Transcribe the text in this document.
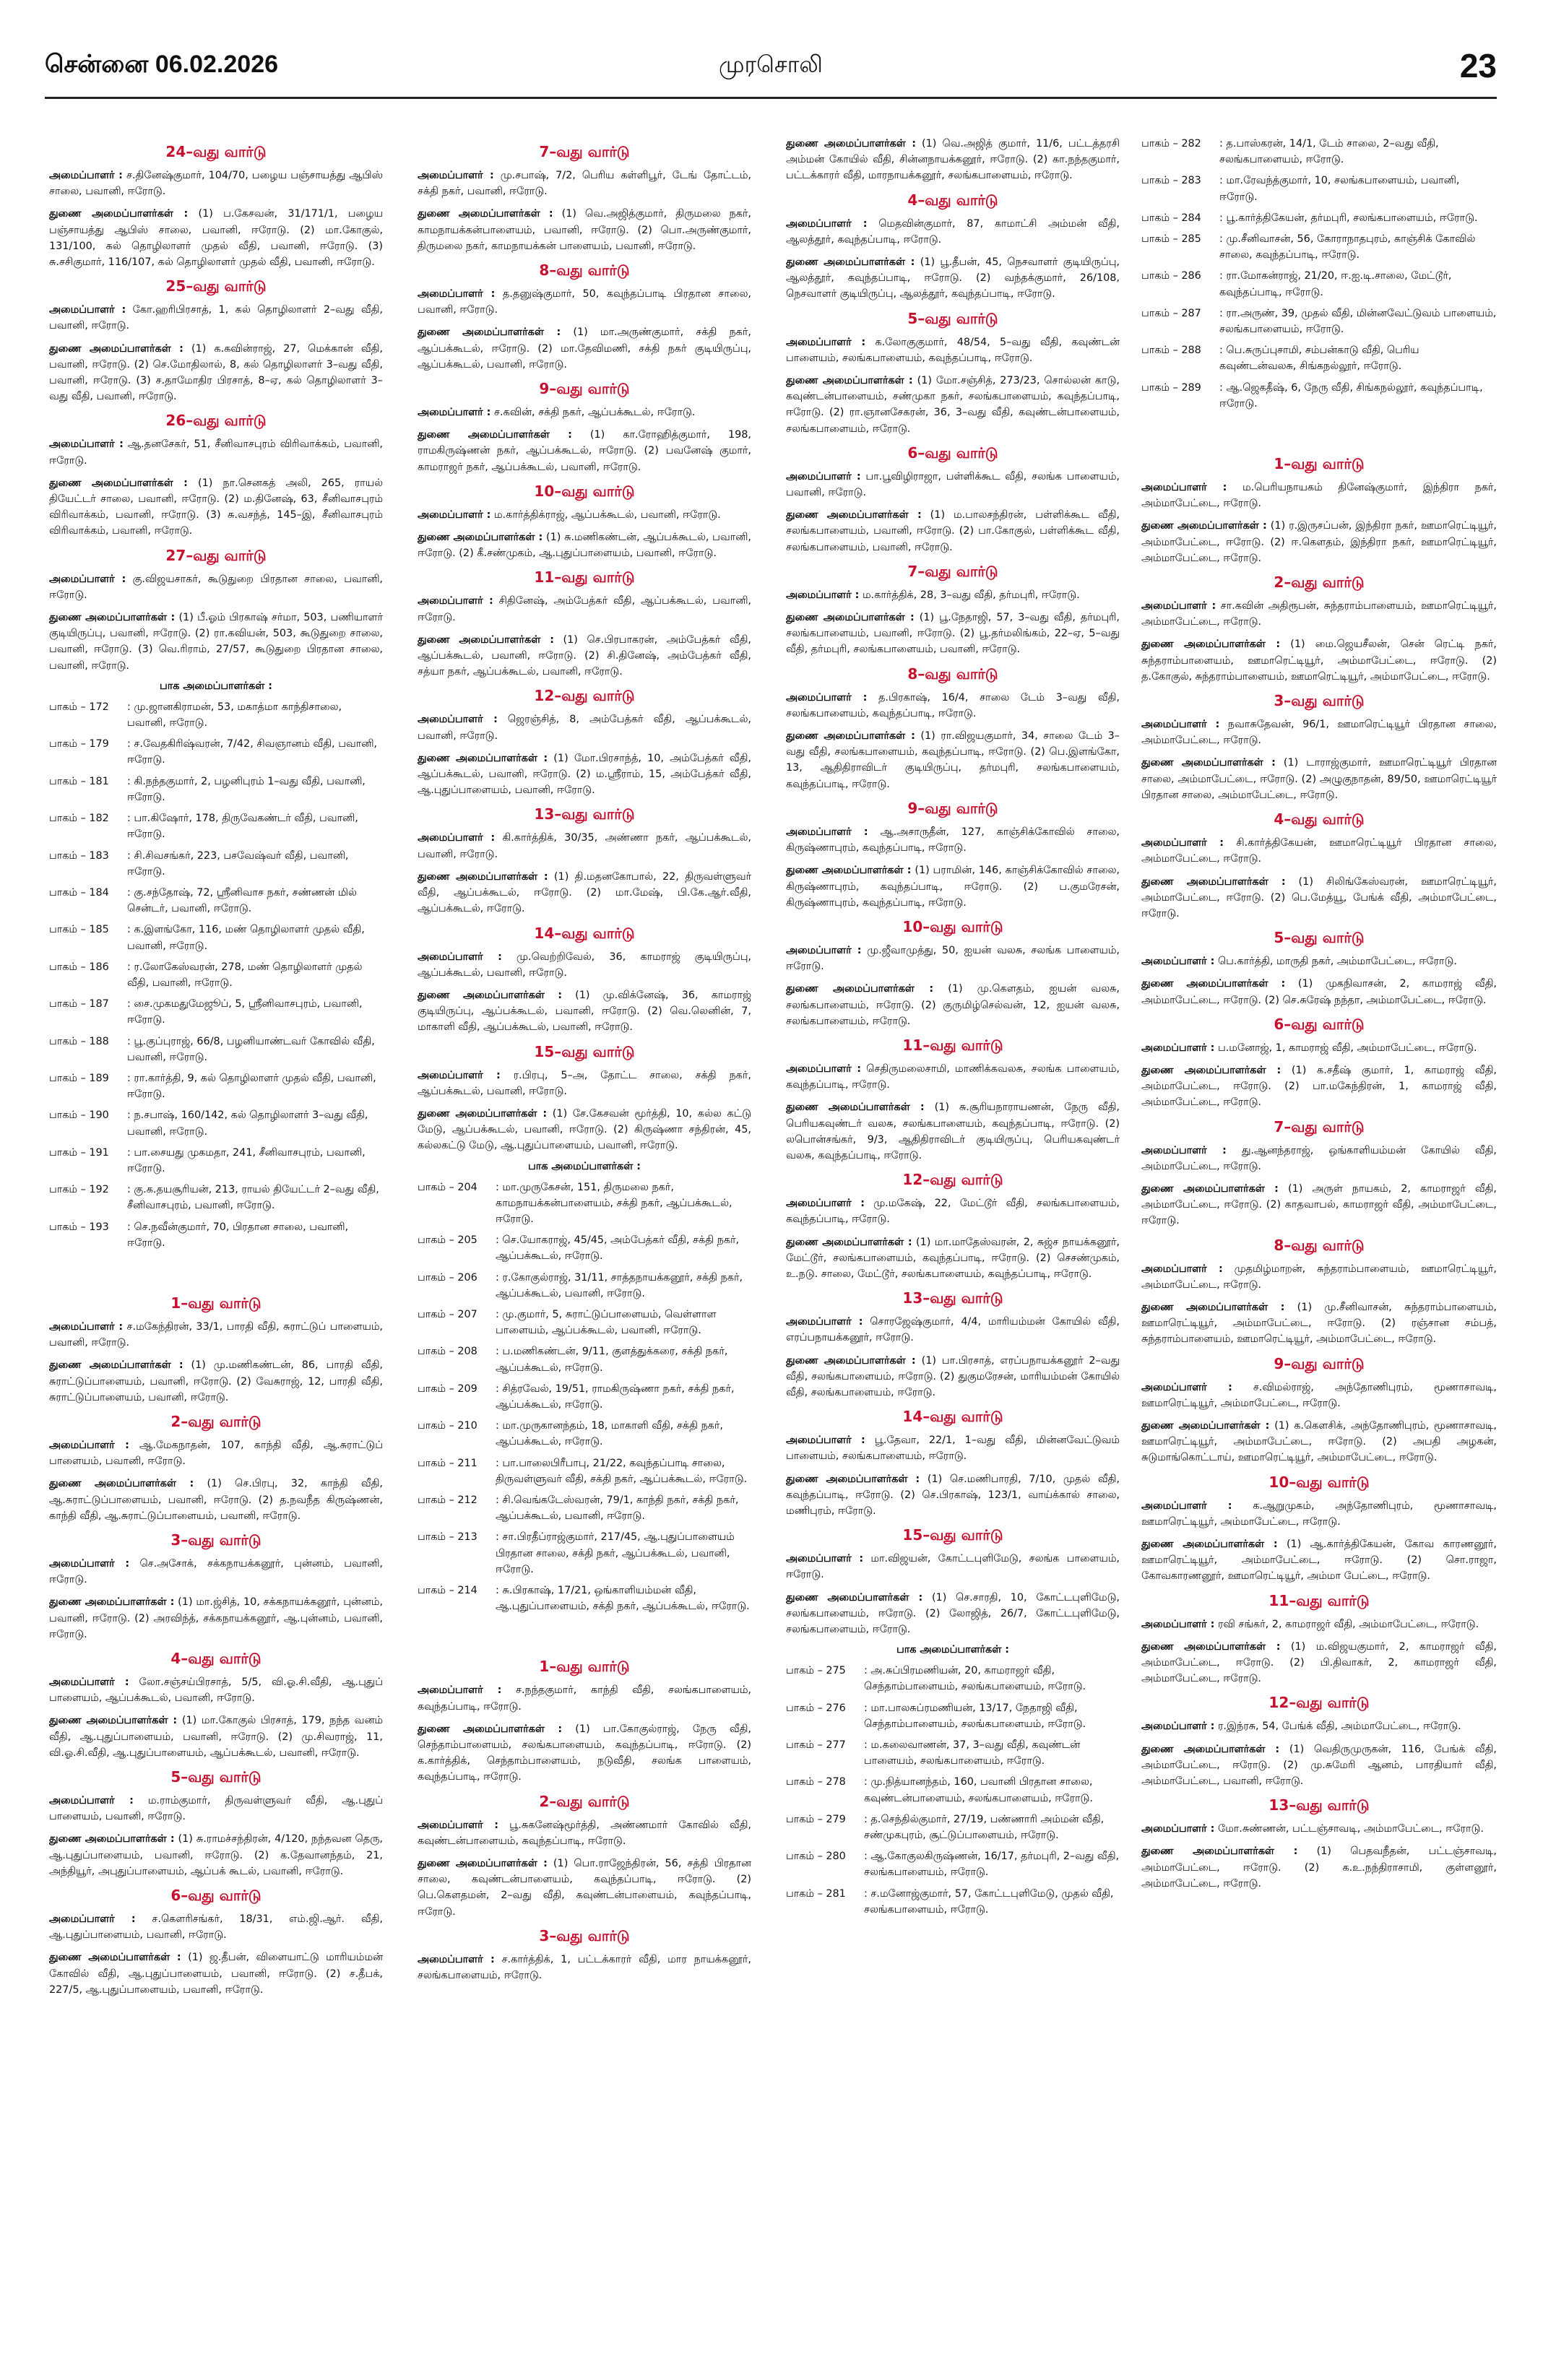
சென்னை 06.02.2026	முரசொலி	23
24–வது வார்டு
அமைப்பாளர் : ச.தினேஷ்குமார், 104/70, பழைய பஞ்சாயத்து ஆபிஸ் சாலை, பவானி, ஈரோடு.
துணை அமைப்பாளர்கள் : (1) ப.கேசவன், 31/171/1, பழைய பஞ்சாயத்து ஆபிஸ் சாலை, பவானி, ஈரோடு. (2) மா.கோகுல், 131/100, கல் தொழிலாளர் முதல் வீதி, பவானி, ஈரோடு. (3) சு.சசிகுமார், 116/107, கல் தொழிலாளர் முதல் வீதி, பவானி, ஈரோடு.
25–வது வார்டு
அமைப்பாளர் : கோ.ஹரிபிரசாத், 1, கல் தொழிலாளர் 2–வது வீதி, பவானி, ஈரோடு.
துணை அமைப்பாளர்கள் : (1) க.கவின்ராஜ், 27, மெக்கான் வீதி, பவானி, ஈரோடு. (2) செ.மோதிலால், 8, கல் தொழிலாளர் 3–வது வீதி, பவானி, ஈரோடு. (3) ச.தாமோதிர பிரசாத், 8–ஏ, கல் தொழிலாளர் 3–வது வீதி, பவானி, ஈரோடு.
26–வது வார்டு
அமைப்பாளர் : ஆ.தனசேகர், 51, சீனிவாசபுரம் விரிவாக்கம், பவானி, ஈரோடு.
துணை அமைப்பாளர்கள் : (1) நா.செனகத் அலி, 265, ராயல் தியேட்டர் சாலை, பவானி, ஈரோடு. (2) ம.தினேஷ், 63, சீனிவாசபுரம் விரிவாக்கம், பவானி, ஈரோடு. (3) சு.வசந்த், 145–இ, சீனிவாசபுரம் விரிவாக்கம், பவானி, ஈரோடு.
27–வது வார்டு
அமைப்பாளர் : கு.விஜயசாகர், கூடுதுறை பிரதான சாலை, பவானி, ஈரோடு.
துணை அமைப்பாளர்கள் : (1) பீ.ஓம் பிரகாஷ் சர்மா, 503, பணியாளர் குடியிருப்பு, பவானி, ஈரோடு. (2) ரா.கவியன், 503, கூடுதுறை சாலை, பவானி, ஈரோடு. (3) வெ.ரிராம், 27/57, கூடுதுறை பிரதான சாலை, பவானி, ஈரோடு.
பாக அமைப்பாளர்கள் :
பாகம் – 172	: மு.ஜானகிராமன், 53, மகாத்மா காந்திசாலை, பவானி, ஈரோடு.
பாகம் – 179	: ச.வேதகிரிஷ்வரன், 7/42, சிவஞானம் வீதி, பவானி, ஈரோடு.
பாகம் – 181	: கி.நந்தகுமார், 2, பழனிபுரம் 1–வது வீதி, பவானி, ஈரோடு.
பாகம் – 182	: பா.கிஷோர், 178, திருவேகண்டர் வீதி, பவானி, ஈரோடு.
பாகம் – 183	: சி.சிவசங்கர், 223, பசவேஷ்வர் வீதி, பவானி, ஈரோடு.
பாகம் – 184	: கு.சந்தோஷ், 72, ஸ்ரீனிவாச நகர், சண்ணன் மில் சென்டர், பவானி, ஈரோடு.
பாகம் – 185	: க.இளங்கோ, 116, மண் தொழிலாளர் முதல் வீதி, பவானி, ஈரோடு.
பாகம் – 186	: ர.லோகேஸ்வரன், 278, மண் தொழிலாளர் முதல் வீதி, பவானி, ஈரோடு.
பாகம் – 187	: சை.முகமதுமேஜூப், 5, ஸ்ரீனிவாசபுரம், பவானி, ஈரோடு.
பாகம் – 188	: பூ.குப்புராஜ், 66/8, பழனியாண்டவர் கோவில் வீதி, பவானி, ஈரோடு.
பாகம் – 189	: ரா.கார்த்தி, 9, கல் தொழிலாளர் முதல் வீதி, பவானி, ஈரோடு.
பாகம் – 190	: ந.சபாஷ், 160/142, கல் தொழிலாளர் 3–வது வீதி, பவானி, ஈரோடு.
பாகம் – 191	: பா.சையது முகமதா, 241, சீனிவாசபுரம், பவானி, ஈரோடு.
பாகம் – 192	: கு.க.தயசூரியன், 213, ராயல் தியேட்டர் 2–வது வீதி, சீனிவாசபுரம், பவானி, ஈரோடு.
பாகம் – 193	: செ.நவீன்குமார், 70, பிரதான சாலை, பவானி, ஈரோடு.
1–வது வார்டு
அமைப்பாளர் : ச.மகேந்திரன், 33/1, பாரதி வீதி, சுராட்டுப் பாளையம், பவானி, ஈரோடு.
துணை அமைப்பாளர்கள் : (1) மு.மணிகண்டன், 86, பாரதி வீதி, சுராட்டுப்பாளையம், பவானி, ஈரோடு. (2) வேசுராஜ், 12, பாரதி வீதி, சுராட்டுப்பாளையம், பவானி, ஈரோடு.
2–வது வார்டு
அமைப்பாளர் : ஆ.மேகநாதன், 107, காந்தி வீதி, ஆ.சுராட்டுப் பாளையம், பவானி, ஈரோடு.
துணை அமைப்பாளர்கள் : (1) செ.பிரபு, 32, காந்தி வீதி, ஆ.சுராட்டுப்பாளையம், பவானி, ஈரோடு. (2) த.நவநீத கிருஷ்ணன், காந்தி வீதி, ஆ.சுராட்டுப்பாளையம், பவானி, ஈரோடு.
3–வது வார்டு
அமைப்பாளர் : செ.அசோக், சக்கநாயக்கனூர், புன்னம், பவானி, ஈரோடு.
துணை அமைப்பாளர்கள் : (1) மா.ஜ்சித், 10, சக்கநாயக்கனூர், புன்னம், பவானி, ஈரோடு. (2) அரவிந்த், சக்கநாயக்கனூர், ஆ.புன்னம், பவானி, ஈரோடு.
4–வது வார்டு
அமைப்பாளர் : லோ.சஞ்சய்பிரசாத், 5/5, வி.ஓ.சி.வீதி, ஆ.புதுப் பாளையம், ஆப்பக்கூடல், பவானி, ஈரோடு.
துணை அமைப்பாளர்கள் : (1) மா.கோகுல் பிரசாத், 179, நந்த வனம் வீதி, ஆ.புதுப்பாளையம், பவானி, ஈரோடு. (2) மு.சிவராஜ், 11, வி.ஓ.சி.வீதி, ஆ.புதுப்பாளையம், ஆப்பக்கூடல், பவானி, ஈரோடு.
5–வது வார்டு
அமைப்பாளர் : ம.ராம்குமார், திருவள்ளுவர் வீதி, ஆ.புதுப் பாளையம், பவானி, ஈரோடு.
துணை அமைப்பாளர்கள் : (1) சு.ராமச்சந்திரன், 4/120, நந்தவன தெரு, ஆ.புதுப்பாளையம், பவானி, ஈரோடு. (2) க.தேவானந்தம், 21, அந்தியூர், அபுதுப்பாளையம், ஆப்பக் கூடல், பவானி, ஈரோடு.
6–வது வார்டு
அமைப்பாளர் : ச.கௌரிசங்கர், 18/31, எம்.ஜி.ஆர். வீதி, ஆ.புதுப்பாளையம், பவானி, ஈரோடு.
துணை அமைப்பாளர்கள் : (1) ஜ.தீபன், விளையாட்டு மாரியம்மன் கோவில் வீதி, ஆ.புதுப்பாளையம், பவானி, ஈரோடு. (2) ச.தீபக், 227/5, ஆ.புதுப்பாளையம், பவானி, ஈரோடு.
7–வது வார்டு
அமைப்பாளர் : மு.சபாஷ், 7/2, பெரிய கள்ளிபூர், டேங் தோட்டம், சக்தி நகர், பவானி, ஈரோடு.
துணை அமைப்பாளர்கள் : (1) வெ.அஜித்குமார், திருமலை நகர், காமநாயக்கன்பாளையம், பவானி, ஈரோடு. (2) பொ.அருண்குமார், திருமலை நகர், காமநாயக்கன் பாளையம், பவானி, ஈரோடு.
8–வது வார்டு
அமைப்பாளர் : த.தனுஷ்குமார், 50, கவுந்தப்பாடி பிரதான சாலை, பவானி, ஈரோடு.
துணை அமைப்பாளர்கள் : (1) மா.அருண்குமார், சக்தி நகர், ஆப்பக்கூடல், ஈரோடு. (2) மா.தேவிமணி, சக்தி நகர் குடியிருப்பு, ஆப்பக்கூடல், பவானி, ஈரோடு.
9–வது வார்டு
அமைப்பாளர் : ச.கவின், சக்தி நகர், ஆப்பக்கூடல், ஈரோடு.
துணை அமைப்பாளர்கள் : (1) கா.ரோஹித்குமார், 198, ராமகிருஷ்ணன் நகர், ஆப்பக்கூடல், ஈரோடு. (2) பவனேஷ் குமார், காமராஜர் நகர், ஆப்பக்கூடல், பவானி, ஈரோடு.
10–வது வார்டு
அமைப்பாளர் : ம.கார்த்திக்ராஜ், ஆப்பக்கூடல், பவானி, ஈரோடு.
துணை அமைப்பாளர்கள் : (1) சு.மணிகண்டன், ஆப்பக்கூடல், பவானி, ஈரோடு. (2) கீ.சண்முகம், ஆ.புதுப்பாளையம், பவானி, ஈரோடு.
11–வது வார்டு
அமைப்பாளர் : சிதினேஷ், அம்பேத்கர் வீதி, ஆப்பக்கூடல், பவானி, ஈரோடு.
துணை அமைப்பாளர்கள் : (1) செ.பிரபாகரன், அம்பேத்கர் வீதி, ஆப்பக்கூடல், பவானி, ஈரோடு. (2) சி.தினேஷ், அம்பேத்கர் வீதி, சத்யா நகர், ஆப்பக்கூடல், பவானி, ஈரோடு.
12–வது வார்டு
அமைப்பாளர் : ஜெரஞ்சித், 8, அம்பேத்கர் வீதி, ஆப்பக்கூடல், பவானி, ஈரோடு.
துணை அமைப்பாளர்கள் : (1) மோ.பிரசாந்த், 10, அம்பேத்கர் வீதி, ஆப்பக்கூடல், பவானி, ஈரோடு. (2) ம.ஸ்ரீராம், 15, அம்பேத்கர் வீதி, ஆ.புதுப்பாளையம், பவானி, ஈரோடு.
13–வது வார்டு
அமைப்பாளர் : கி.கார்த்திக், 30/35, அண்ணா நகர், ஆப்பக்கூடல், பவானி, ஈரோடு.
துணை அமைப்பாளர்கள் : (1) தி.மதனகோபால், 22, திருவள்ளுவர் வீதி, ஆப்பக்கூடல், ஈரோடு. (2) மா.மேஷ், பி.கே.ஆர்.வீதி, ஆப்பக்கூடல், ஈரோடு.
14–வது வார்டு
அமைப்பாளர் : மு.வெற்றிவேல், 36, காமராஜ் குடியிருப்பு, ஆப்பக்கூடல், பவானி, ஈரோடு.
துணை அமைப்பாளர்கள் : (1) மு.விக்னேஷ், 36, காமராஜ் குடியிருப்பு, ஆப்பக்கூடல், பவானி, ஈரோடு. (2) வெ.லெனின், 7, மாகாளி வீதி, ஆப்பக்கூடல், பவானி, ஈரோடு.
15–வது வார்டு
அமைப்பாளர் : ர.பிரபு, 5–அ, தோட்ட சாலை, சக்தி நகர், ஆப்பக்கூடல், பவானி, ஈரோடு.
துணை அமைப்பாளர்கள் : (1) சே.கேசவன் மூர்த்தி, 10, கல்ல கட்டு மேடு, ஆப்பக்கூடல், பவானி, ஈரோடு. (2) கிருஷ்ணா சந்திரன், 45, கல்லகட்டு மேடு, ஆ.புதுப்பாளையம், பவானி, ஈரோடு.
பாக அமைப்பாளர்கள் :
பாகம் – 204	: மா.முருகேசன், 151, திருமலை நகர், காமநாயக்கன்பாளையம், சக்தி நகர், ஆப்பக்கூடல், ஈரோடு.
பாகம் – 205	: செ.யோகராஜ், 45/45, அம்பேத்கர் வீதி, சக்தி நகர், ஆப்பக்கூடல், ஈரோடு.
பாகம் – 206	: ர.கோகுல்ராஜ், 31/11, சாத்தநாயக்கனூர், சக்தி நகர், ஆப்பக்கூடல், பவானி, ஈரோடு.
பாகம் – 207	: மு.குமார், 5, சுராட்டுப்பாளையம், வெள்ளாள பாளையம், ஆப்பக்கூடல், பவானி, ஈரோடு.
பாகம் – 208	: ப.மணிகண்டன், 9/11, குளத்துக்கரை, சக்தி நகர், ஆப்பக்கூடல், ஈரோடு.
பாகம் – 209	: சித்ரவேல், 19/51, ராமகிருஷ்ணா நகர், சக்தி நகர், ஆப்பக்கூடல், ஈரோடு.
பாகம் – 210	: மா.முருகானந்தம், 18, மாகாளி வீதி, சக்தி நகர், ஆப்பக்கூடல், ஈரோடு.
பாகம் – 211	: பா.பாலைபிரீபாபு, 21/22, கவுந்தப்பாடி சாலை, திருவள்ளுவர் வீதி, சக்தி நகர், ஆப்பக்கூடல், ஈரோடு.
பாகம் – 212	: சி.வெங்கடேஸ்வரன், 79/1, காந்தி நகர், சக்தி நகர், ஆப்பக்கூடல், பவானி, ஈரோடு.
பாகம் – 213	: சா.பிரதீப்ராஜ்குமார், 217/45, ஆ.புதுப்பாளையம் பிரதான சாலை, சக்தி நகர், ஆப்பக்கூடல், பவானி, ஈரோடு.
பாகம் – 214	: சு.பிரகாஷ், 17/21, ஒங்காளியம்மன் வீதி, ஆ.புதுப்பாளையம், சக்தி நகர், ஆப்பக்கூடல், ஈரோடு.
1–வது வார்டு
அமைப்பாளர் : ச.நந்தகுமார், காந்தி வீதி, சலங்கபாளையம், கவுந்தப்பாடி, ஈரோடு.
துணை அமைப்பாளர்கள் : (1) பா.கோகுல்ராஜ், நேரு வீதி, செந்தாம்பாளையம், சலங்கபாளையம், கவுந்தப்பாடி, ஈரோடு. (2) க.கார்த்திக், செந்தாம்பாளையம், நடுவீதி, சலங்க பாளையம், கவுந்தப்பாடி, ஈரோடு.
2–வது வார்டு
அமைப்பாளர் : பூ.சுகனேஷ்மூர்த்தி, அண்ணமார் கோவில் வீதி, கவுண்டன்பாளையம், கவுந்தப்பாடி, ஈரோடு.
துணை அமைப்பாளர்கள் : (1) பொ.ராஜேந்திரன், 56, சத்தி பிரதான சாலை, கவுண்டன்பாளையம், கவுந்தப்பாடி, ஈரோடு. (2) பெ.கௌதமன், 2–வது வீதி, கவுண்டன்பாளையம், கவுந்தப்பாடி, ஈரோடு.
3–வது வார்டு
அமைப்பாளர் : ச.கார்த்திக், 1, பட்டக்காரர் வீதி, மார நாயக்கனூர், சலங்கபாளையம், ஈரோடு.
துணை அமைப்பாளர்கள் : (1) வெ.அஜித் குமார், 11/6, பட்டத்தரசி அம்மன் கோயில் வீதி, சின்னநாயக்கனூர், ஈரோடு. (2) கா.நந்தகுமார், பட்டக்காரர் வீதி, மாரநாயக்கனூர், சலங்கபாளையம், ஈரோடு.
4–வது வார்டு
அமைப்பாளர் : மெதவின்குமார், 87, காமாட்சி அம்மன் வீதி, ஆலத்தூர், கவுந்தப்பாடி, ஈரோடு.
துணை அமைப்பாளர்கள் : (1) பூ.தீபன், 45, நெசவாளர் குடியிருப்பு, ஆலத்தூர், கவுந்தப்பாடி, ஈரோடு. (2) வந்தக்குமார், 26/108, நெசவாளர் குடியிருப்பு, ஆலத்தூர், கவுந்தப்பாடி, ஈரோடு.
5–வது வார்டு
அமைப்பாளர் : க.லோகுகுமார், 48/54, 5–வது வீதி, கவுண்டன் பாளையம், சலங்கபாளையம், கவுந்தப்பாடி, ஈரோடு.
துணை அமைப்பாளர்கள் : (1) மோ.சஞ்சித், 273/23, சொல்லன் காடு, கவுண்டன்பாளையம், சண்முகா நகர், சலங்கபாளையம், கவுந்தப்பாடி, ஈரோடு. (2) ரா.ஞானசேகரன், 36, 3–வது வீதி, கவுண்டன்பாளையம், சலங்கபாளையம், ஈரோடு.
6–வது வார்டு
அமைப்பாளர் : பா.பூவிழிராஜா, பள்ளிக்கூட வீதி, சலங்க பாளையம், பவானி, ஈரோடு.
துணை அமைப்பாளர்கள் : (1) ம.பாலசந்திரன், பள்ளிக்கூட வீதி, சலங்கபாளையம், பவானி, ஈரோடு. (2) பா.கோகுல், பள்ளிக்கூட வீதி, சலங்கபாளையம், பவானி, ஈரோடு.
7–வது வார்டு
அமைப்பாளர் : ம.கார்த்திக், 28, 3–வது வீதி, தர்மபுரி, ஈரோடு.
துணை அமைப்பாளர்கள் : (1) பூ.நேதாஜி, 57, 3–வது வீதி, தர்மபுரி, சலங்கபாளையம், பவானி, ஈரோடு. (2) பூ.தர்மலிங்கம், 22–ஏ, 5–வது வீதி, தர்மபுரி, சலங்கபாளையம், பவானி, ஈரோடு.
8–வது வார்டு
அமைப்பாளர் : த.பிரகாஷ், 16/4, சாலை டேம் 3–வது வீதி, சலங்கபாளையம், கவுந்தப்பாடி, ஈரோடு.
துணை அமைப்பாளர்கள் : (1) ரா.விஜயகுமார், 34, சாலை டேம் 3–வது வீதி, சலங்கபாளையம், கவுந்தப்பாடி, ஈரோடு. (2) பெ.இளங்கோ, 13, ஆதிதிராவிடர் குடியிருப்பு, தர்மபுரி, சலங்கபாளையம், கவுந்தப்பாடி, ஈரோடு.
9–வது வார்டு
அமைப்பாளர் : ஆ.அசாருதீன், 127, காஞ்சிக்கோவில் சாலை, கிருஷ்ணாபுரம், கவுந்தப்பாடி, ஈரோடு.
துணை அமைப்பாளர்கள் : (1) பராமின், 146, காஞ்சிக்கோவில் சாலை, கிருஷ்ணாபுரம், கவுந்தப்பாடி, ஈரோடு. (2) ப.குமரேசன், கிருஷ்ணாபுரம், கவுந்தப்பாடி, ஈரோடு.
10–வது வார்டு
அமைப்பாளர் : மு.ஜீவாமுத்து, 50, ஐயன் வலசு, சலங்க பாளையம், ஈரோடு.
துணை அமைப்பாளர்கள் : (1) மு.கௌதம், ஐயன் வலசு, சலங்கபாளையம், ஈரோடு. (2) குருமிழ்செல்வன், 12, ஐயன் வலசு, சலங்கபாளையம், ஈரோடு.
11–வது வார்டு
அமைப்பாளர் : செதிருமலைசாமி, மாணிக்கவலசு, சலங்க பாளையம், கவுந்தப்பாடி, ஈரோடு.
துணை அமைப்பாளர்கள் : (1) சு.சூரியநாராயணன், நேரு வீதி, பெரியகவுண்டர் வலசு, சலங்கபாளையம், கவுந்தப்பாடி, ஈரோடு. (2) லபொன்சங்கர், 9/3, ஆதிதிராவிடர் குடியிருப்பு, பெரியகவுண்டர் வலசு, கவுந்தப்பாடி, ஈரோடு.
12–வது வார்டு
அமைப்பாளர் : மு.மகேஷ், 22, மேட்டூர் வீதி, சலங்கபாளையம், கவுந்தப்பாடி, ஈரோடு.
துணை அமைப்பாளர்கள் : (1) மா.மாதேஸ்வரன், 2, சுஜ்ச நாயக்கனூர், மேட்டூர், சலங்கபாளையம், கவுந்தப்பாடி, ஈரோடு. (2) செசண்முகம், உ.நடு. சாலை, மேட்டூர், சலங்கபாளையம், கவுந்தப்பாடி, ஈரோடு.
13–வது வார்டு
அமைப்பாளர் : சொரஜேஷ்குமார், 4/4, மாரியம்மன் கோயில் வீதி, எரப்பநாயக்கனூர், ஈரோடு.
துணை அமைப்பாளர்கள் : (1) பா.பிரசாத், எரப்பநாயக்கனூர் 2–வது வீதி, சலங்கபாளையம், ஈரோடு. (2) துகுமரேசன், மாரியம்மன் கோயில் வீதி, சலங்கபாளையம், ஈரோடு.
14–வது வார்டு
அமைப்பாளர் : பூ.தேவா, 22/1, 1–வது வீதி, மின்னவேட்டுவம் பாளையம், சலங்கபாளையம், ஈரோடு.
துணை அமைப்பாளர்கள் : (1) செ.மணிபாரதி, 7/10, முதல் வீதி, கவுந்தப்பாடி, ஈரோடு. (2) செ.பிரகாஷ், 123/1, வாய்க்கால் சாலை, மணிபுரம், ஈரோடு.
15–வது வார்டு
அமைப்பாளர் : மா.விஜயன், கோட்டபுளிமேடு, சலங்க பாளையம், ஈரோடு.
துணை அமைப்பாளர்கள் : (1) செ.சாரதி, 10, கோட்டபுளிமேடு, சலங்கபாளையம், ஈரோடு. (2) லோஜித், 26/7, கோட்டபுளிமேடு, சலங்கபாளையம், ஈரோடு.
பாக அமைப்பாளர்கள் :
பாகம் – 275	: அ.சுப்பிரமணியன், 20, காமராஜர் வீதி, செந்தாம்பாளையம், சலங்கபாளையம், ஈரோடு.
பாகம் – 276	: மா.பாலசுப்ரமணியன், 13/17, நேதாஜி வீதி, செந்தாம்பாளையம், சலங்கபாளையம், ஈரோடு.
பாகம் – 277	: ம.கலைவாணன், 37, 3–வது வீதி, கவுண்டன் பாளையம், சலங்கபாளையம், ஈரோடு.
பாகம் – 278	: மு.நித்யானந்தம், 160, பவானி பிரதான சாலை, கவுண்டன்பாளையம், சலங்கபாளையம், ஈரோடு.
பாகம் – 279	: த.செந்தில்குமார், 27/19, பண்ணாரி அம்மன் வீதி, சண்முகபுரம், சூட்டுப்பாளையம், ஈரோடு.
பாகம் – 280	: ஆ.கோகுலகிருஷ்ணன், 16/17, தர்மபுரி, 2–வது வீதி, சலங்கபாளையம், ஈரோடு.
பாகம் – 281	: ச.மனோஜ்குமார், 57, கோட்டபுளிமேடு, முதல் வீதி, சலங்கபாளையம், ஈரோடு.
பாகம் – 282	: த.பாஸ்கரன், 14/1, டேம் சாலை, 2–வது வீதி, சலங்கபாளையம், ஈரோடு.
பாகம் – 283	: மா.ரேவந்த்குமார், 10, சலங்கபாளையம், பவானி, ஈரோடு.
பாகம் – 284	: பூ.கார்த்திகேயன், தர்மபுரி, சலங்கபாளையம், ஈரோடு.
பாகம் – 285	: மு.சீனிவாசன், 56, கோராநாதபுரம், காஞ்சிக் கோவில் சாலை, கவுந்தப்பாடி, ஈரோடு.
பாகம் – 286	: ரா.மோகன்ராஜ், 21/20, ஈ.ஐ.டி.சாலை, மேட்டூர், கவுந்தப்பாடி, ஈரோடு.
பாகம் – 287	: ரா.அருண், 39, முதல் வீதி, மின்னவேட்டுவம் பாளையம், சலங்கபாளையம், ஈரோடு.
பாகம் – 288	: பெ.சுருப்புசாமி, சம்பன்காடு வீதி, பெரிய கவுண்டன்வலசு, சிங்கநல்லூர், ஈரோடு.
பாகம் – 289	: ஆ.ஜெகதீஷ், 6, நேரு வீதி, சிங்கநல்லூர், கவுந்தப்பாடி, ஈரோடு.
1–வது வார்டு
அமைப்பாளர் : ம.பெரியநாயகம் தினேஷ்குமார், இந்திரா நகர், அம்மாபேட்டை, ஈரோடு.
துணை அமைப்பாளர்கள் : (1) ர.இருசப்பன், இந்திரா நகர், ஊமாரெட்டியூர், அம்மாபேட்டை, ஈரோடு. (2) ஈ.கௌதம், இந்திரா நகர், ஊமாரெட்டியூர், அம்மாபேட்டை, ஈரோடு.
2–வது வார்டு
அமைப்பாளர் : சா.கவின் அதிரூபன், சுந்தராம்பாளையம், ஊமாரெட்டியூர், அம்மாபேட்டை, ஈரோடு.
துணை அமைப்பாளர்கள் : (1) மை.ஜெயசீலன், சென் ரெட்டி நகர், சுந்தராம்பாளையம், ஊமாரெட்டியூர், அம்மாபேட்டை, ஈரோடு. (2) த.கோகுல், சுந்தராம்பாளையம், ஊமாரெட்டியூர், அம்மாபேட்டை, ஈரோடு.
3–வது வார்டு
அமைப்பாளர் : நவாசுதேவன், 96/1, ஊமாரெட்டியூர் பிரதான சாலை, அம்மாபேட்டை, ஈரோடு.
துணை அமைப்பாளர்கள் : (1) டாராஜ்குமார், ஊமாரெட்டியூர் பிரதான சாலை, அம்மாபேட்டை, ஈரோடு. (2) அழுகுநாதன், 89/50, ஊமாரெட்டியூர் பிரதான சாலை, அம்மாபேட்டை, ஈரோடு.
4–வது வார்டு
அமைப்பாளர் : சி.கார்த்திகேயன், ஊமாரெட்டியூர் பிரதான சாலை, அம்மாபேட்டை, ஈரோடு.
துணை அமைப்பாளர்கள் : (1) சிலிங்கேஸ்வரன், ஊமாரெட்டியூர், அம்மாபேட்டை, ஈரோடு. (2) பெ.மேத்யூ, பேங்க் வீதி, அம்மாபேட்டை, ஈரோடு.
5–வது வார்டு
அமைப்பாளர் : பெ.கார்த்தி, மாருதி நகர், அம்மாபேட்டை, ஈரோடு.
துணை அமைப்பாளர்கள் : (1) முகநிவாசன், 2, காமராஜ் வீதி, அம்மாபேட்டை, ஈரோடு. (2) செ.சுரேஷ் நந்தா, அம்மாபேட்டை, ஈரோடு.
6–வது வார்டு
அமைப்பாளர் : ப.மனோஜ், 1, காமராஜ் வீதி, அம்மாபேட்டை, ஈரோடு.
துணை அமைப்பாளர்கள் : (1) க.சதீஷ் குமார், 1, காமராஜ் வீதி, அம்மாபேட்டை, ஈரோடு. (2) பா.மகேந்திரன், 1, காமராஜ் வீதி, அம்மாபேட்டை, ஈரோடு.
7–வது வார்டு
அமைப்பாளர் : து.ஆனந்தராஜ், ஒங்காளியம்மன் கோயில் வீதி, அம்மாபேட்டை, ஈரோடு.
துணை அமைப்பாளர்கள் : (1) அருள் நாயகம், 2, காமராஜர் வீதி, அம்மாபேட்டை, ஈரோடு. (2) காதவாபல், காமராஜர் வீதி, அம்மாபேட்டை, ஈரோடு.
8–வது வார்டு
அமைப்பாளர் : முதமிழ்மாறன், சுந்தராம்பாளையம், ஊமாரெட்டியூர், அம்மாபேட்டை, ஈரோடு.
துணை அமைப்பாளர்கள் : (1) மு.சீனிவாசன், சுந்தராம்பாளையம், ஊமாரெட்டியூர், அம்மாபேட்டை, ஈரோடு. (2) ரஞ்சான சம்பத், சுந்தராம்பாளையம், ஊமாரெட்டியூர், அம்மாபேட்டை, ஈரோடு.
9–வது வார்டு
அமைப்பாளர் : ச.விமல்ராஜ், அந்தோணிபுரம், மூணாசாவடி, ஊமாரெட்டியூர், அம்மாபேட்டை, ஈரோடு.
துணை அமைப்பாளர்கள் : (1) க.கௌசிக், அந்தோணிபுரம், மூணாசாவடி, ஊமாரெட்டியூர், அம்மாபேட்டை, ஈரோடு. (2) அபதி அழகன், சுடுமாங்கொட்டாய், ஊமாரெட்டியூர், அம்மாபேட்டை, ஈரோடு.
10–வது வார்டு
அமைப்பாளர் : க.ஆறுமுகம், அந்தோணிபுரம், மூணாசாவடி, ஊமாரெட்டியூர், அம்மாபேட்டை, ஈரோடு.
துணை அமைப்பாளர்கள் : (1) ஆ.கார்த்திகேயன், கோவ காரணனூர், ஊமாரெட்டியூர், அம்மாபேட்டை, ஈரோடு. (2) சொ.ராஜா, கோவகாரணனூர், ஊமாரெட்டியூர், அம்மா பேட்டை, ஈரோடு.
11–வது வார்டு
அமைப்பாளர் : ரவி சங்கர், 2, காமராஜர் வீதி, அம்மாபேட்டை, ஈரோடு.
துணை அமைப்பாளர்கள் : (1) ம.விஜயகுமார், 2, காமராஜர் வீதி, அம்மாபேட்டை, ஈரோடு. (2) பி.திவாகர், 2, காமராஜர் வீதி, அம்மாபேட்டை, ஈரோடு.
12–வது வார்டு
அமைப்பாளர் : ர.இந்ரசு, 54, பேங்க் வீதி, அம்மாபேட்டை, ஈரோடு.
துணை அமைப்பாளர்கள் : (1) வெதிருமுருகன், 116, பேங்க் வீதி, அம்மாபேட்டை, ஈரோடு. (2) மு.சுமேரி ஆனம், பாரதியார் வீதி, அம்மாபேட்டை, பவானி, ஈரோடு.
13–வது வார்டு
அமைப்பாளர் : மோ.சுண்ணன், பட்டஞ்சாவடி, அம்மாபேட்டை, ஈரோடு.
துணை அமைப்பாளர்கள் : (1) பெதவநீதன், பட்டஞ்சாவடி, அம்மாபேட்டை, ஈரோடு. (2) க.உ.நந்திராசாமி, குள்ளனூர், அம்மாபேட்டை, ஈரோடு.
